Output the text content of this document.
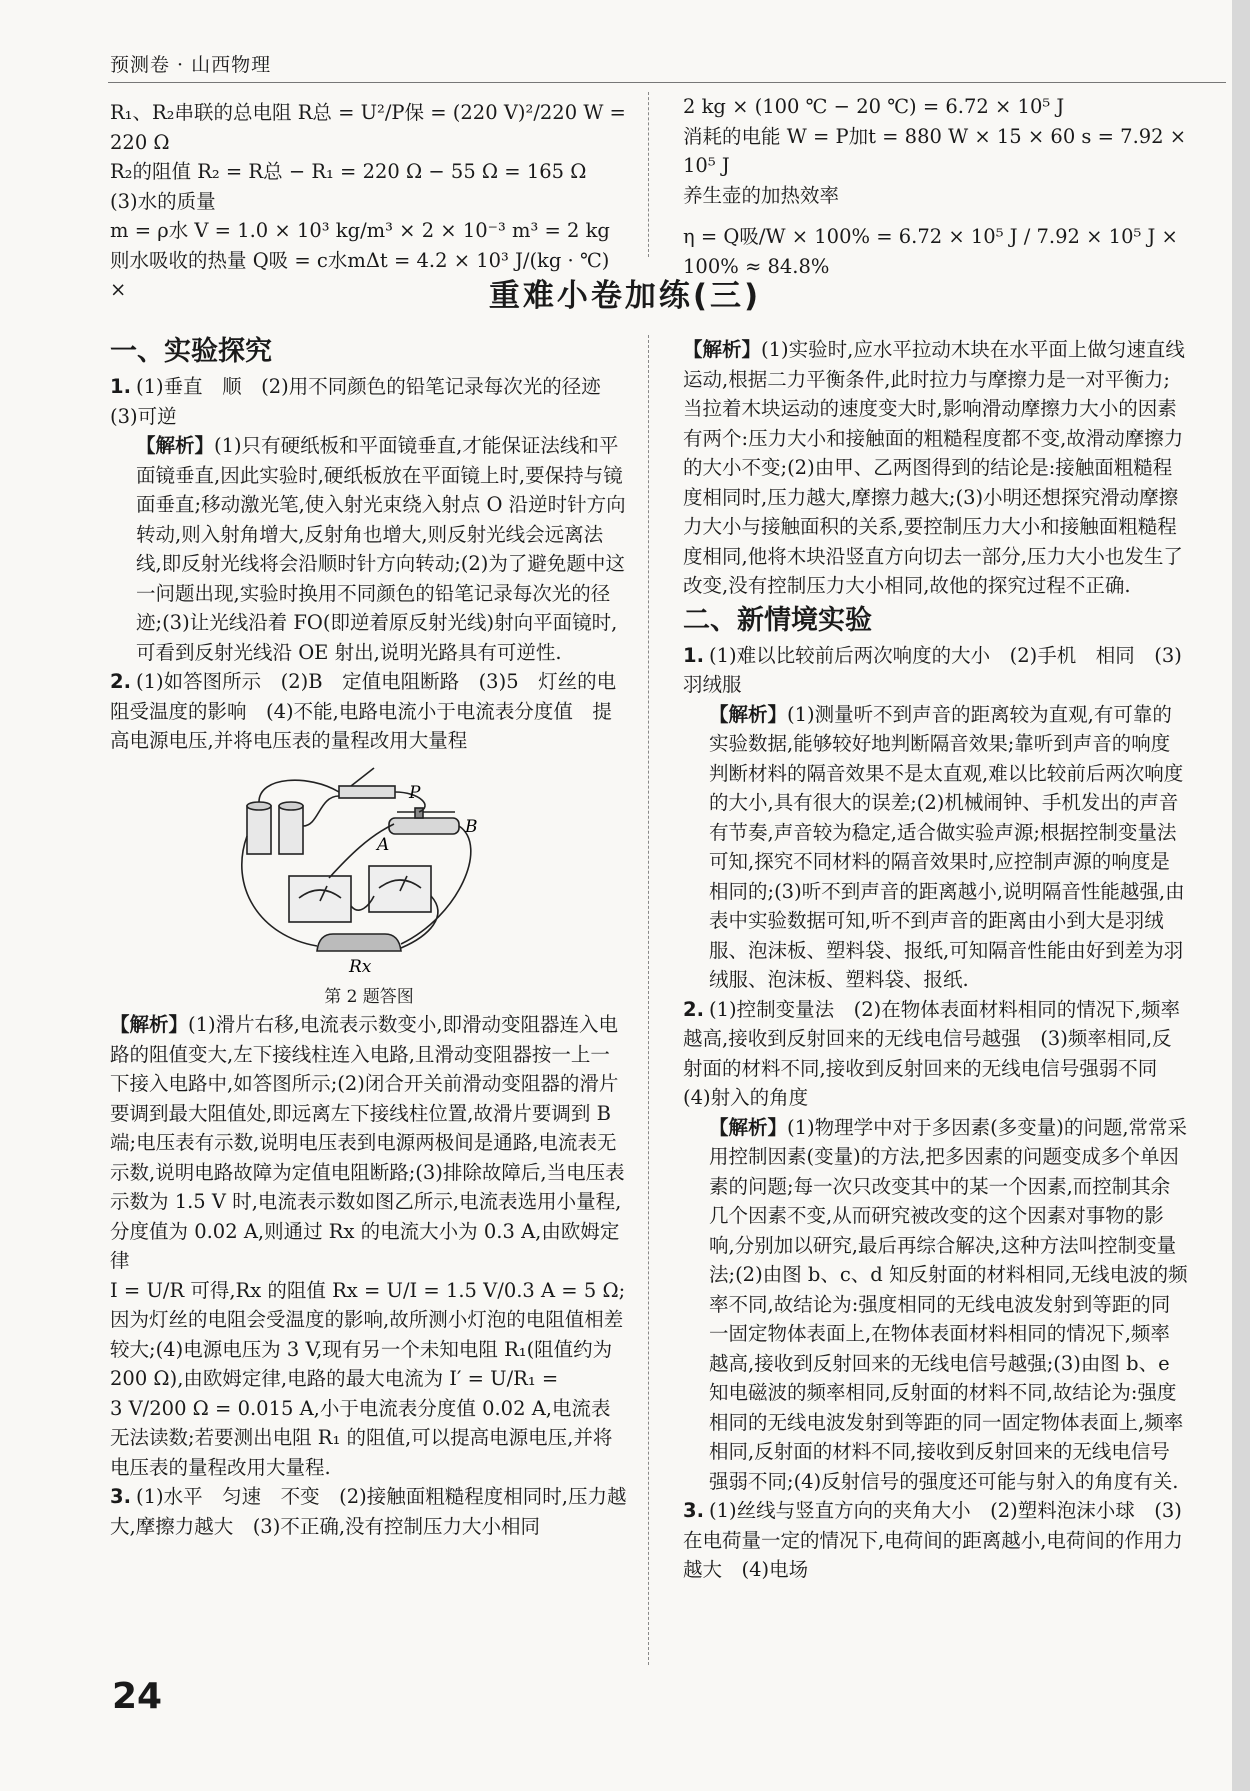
预测卷 · 山西物理

R₁、R₂串联的总电阻 R总 = U²/P保 = (220 V)²/220 W = 220 Ω

R₂的阻值 R₂ = R总 − R₁ = 220 Ω − 55 Ω = 165 Ω

(3)水的质量

m = ρ水 V = 1.0 × 10³ kg/m³ × 2 × 10⁻³ m³ = 2 kg

则水吸收的热量 Q吸 = c水mΔt = 4.2 × 10³ J/(kg · ℃) ×

2 kg × (100 ℃ − 20 ℃) = 6.72 × 10⁵ J

消耗的电能 W = P加t = 880 W × 15 × 60 s = 7.92 × 10⁵ J

养生壶的加热效率

η = Q吸/W × 100% = 6.72 × 10⁵ J / 7.92 × 10⁵ J × 100% ≈ 84.8%

重难小卷加练(三)

一、实验探究

1. (1)垂直　顺　(2)用不同颜色的铅笔记录每次光的径迹　(3)可逆

【解析】(1)只有硬纸板和平面镜垂直,才能保证法线和平面镜垂直,因此实验时,硬纸板放在平面镜上时,要保持与镜面垂直;移动激光笔,使入射光束绕入射点 O 沿逆时针方向转动,则入射角增大,反射角也增大,则反射光线会远离法线,即反射光线将会沿顺时针方向转动;(2)为了避免题中这一问题出现,实验时换用不同颜色的铅笔记录每次光的径迹;(3)让光线沿着 FO(即逆着原反射光线)射向平面镜时,可看到反射光线沿 OE 射出,说明光路具有可逆性.

2. (1)如答图所示　(2)B　定值电阻断路　(3)5　灯丝的电阻受温度的影响　(4)不能,电路电流小于电流表分度值　提高电源电压,并将电压表的量程改用大量程

P
A
B
Rx

第 2 题答图

【解析】(1)滑片右移,电流表示数变小,即滑动变阻器连入电路的阻值变大,左下接线柱连入电路,且滑动变阻器按一上一下接入电路中,如答图所示;(2)闭合开关前滑动变阻器的滑片要调到最大阻值处,即远离左下接线柱位置,故滑片要调到 B 端;电压表有示数,说明电压表到电源两极间是通路,电流表无示数,说明电路故障为定值电阻断路;(3)排除故障后,当电压表示数为 1.5 V 时,电流表示数如图乙所示,电流表选用小量程,分度值为 0.02 A,则通过 Rx 的电流大小为 0.3 A,由欧姆定律

I = U/R 可得,Rx 的阻值 Rx = U/I = 1.5 V/0.3 A = 5 Ω;因为灯丝的电阻会受温度的影响,故所测小灯泡的电阻值相差较大;(4)电源电压为 3 V,现有另一个未知电阻 R₁(阻值约为 200 Ω),由欧姆定律,电路的最大电流为 I′ = U/R₁ =

3 V/200 Ω = 0.015 A,小于电流表分度值 0.02 A,电流表无法读数;若要测出电阻 R₁ 的阻值,可以提高电源电压,并将电压表的量程改用大量程.

3. (1)水平　匀速　不变　(2)接触面粗糙程度相同时,压力越大,摩擦力越大　(3)不正确,没有控制压力大小相同

【解析】(1)实验时,应水平拉动木块在水平面上做匀速直线运动,根据二力平衡条件,此时拉力与摩擦力是一对平衡力;当拉着木块运动的速度变大时,影响滑动摩擦力大小的因素有两个:压力大小和接触面的粗糙程度都不变,故滑动摩擦力的大小不变;(2)由甲、乙两图得到的结论是:接触面粗糙程度相同时,压力越大,摩擦力越大;(3)小明还想探究滑动摩擦力大小与接触面积的关系,要控制压力大小和接触面粗糙程度相同,他将木块沿竖直方向切去一部分,压力大小也发生了改变,没有控制压力大小相同,故他的探究过程不正确.

二、新情境实验

1. (1)难以比较前后两次响度的大小　(2)手机　相同　(3)羽绒服

【解析】(1)测量听不到声音的距离较为直观,有可靠的实验数据,能够较好地判断隔音效果;靠听到声音的响度判断材料的隔音效果不是太直观,难以比较前后两次响度的大小,具有很大的误差;(2)机械闹钟、手机发出的声音有节奏,声音较为稳定,适合做实验声源;根据控制变量法可知,探究不同材料的隔音效果时,应控制声源的响度是相同的;(3)听不到声音的距离越小,说明隔音性能越强,由表中实验数据可知,听不到声音的距离由小到大是羽绒服、泡沫板、塑料袋、报纸,可知隔音性能由好到差为羽绒服、泡沫板、塑料袋、报纸.

2. (1)控制变量法　(2)在物体表面材料相同的情况下,频率越高,接收到反射回来的无线电信号越强　(3)频率相同,反射面的材料不同,接收到反射回来的无线电信号强弱不同　(4)射入的角度

【解析】(1)物理学中对于多因素(多变量)的问题,常常采用控制因素(变量)的方法,把多因素的问题变成多个单因素的问题;每一次只改变其中的某一个因素,而控制其余几个因素不变,从而研究被改变的这个因素对事物的影响,分别加以研究,最后再综合解决,这种方法叫控制变量法;(2)由图 b、c、d 知反射面的材料相同,无线电波的频率不同,故结论为:强度相同的无线电波发射到等距的同一固定物体表面上,在物体表面材料相同的情况下,频率越高,接收到反射回来的无线电信号越强;(3)由图 b、e 知电磁波的频率相同,反射面的材料不同,故结论为:强度相同的无线电波发射到等距的同一固定物体表面上,频率相同,反射面的材料不同,接收到反射回来的无线电信号强弱不同;(4)反射信号的强度还可能与射入的角度有关.

3. (1)丝线与竖直方向的夹角大小　(2)塑料泡沫小球　(3)在电荷量一定的情况下,电荷间的距离越小,电荷间的作用力越大　(4)电场

24
